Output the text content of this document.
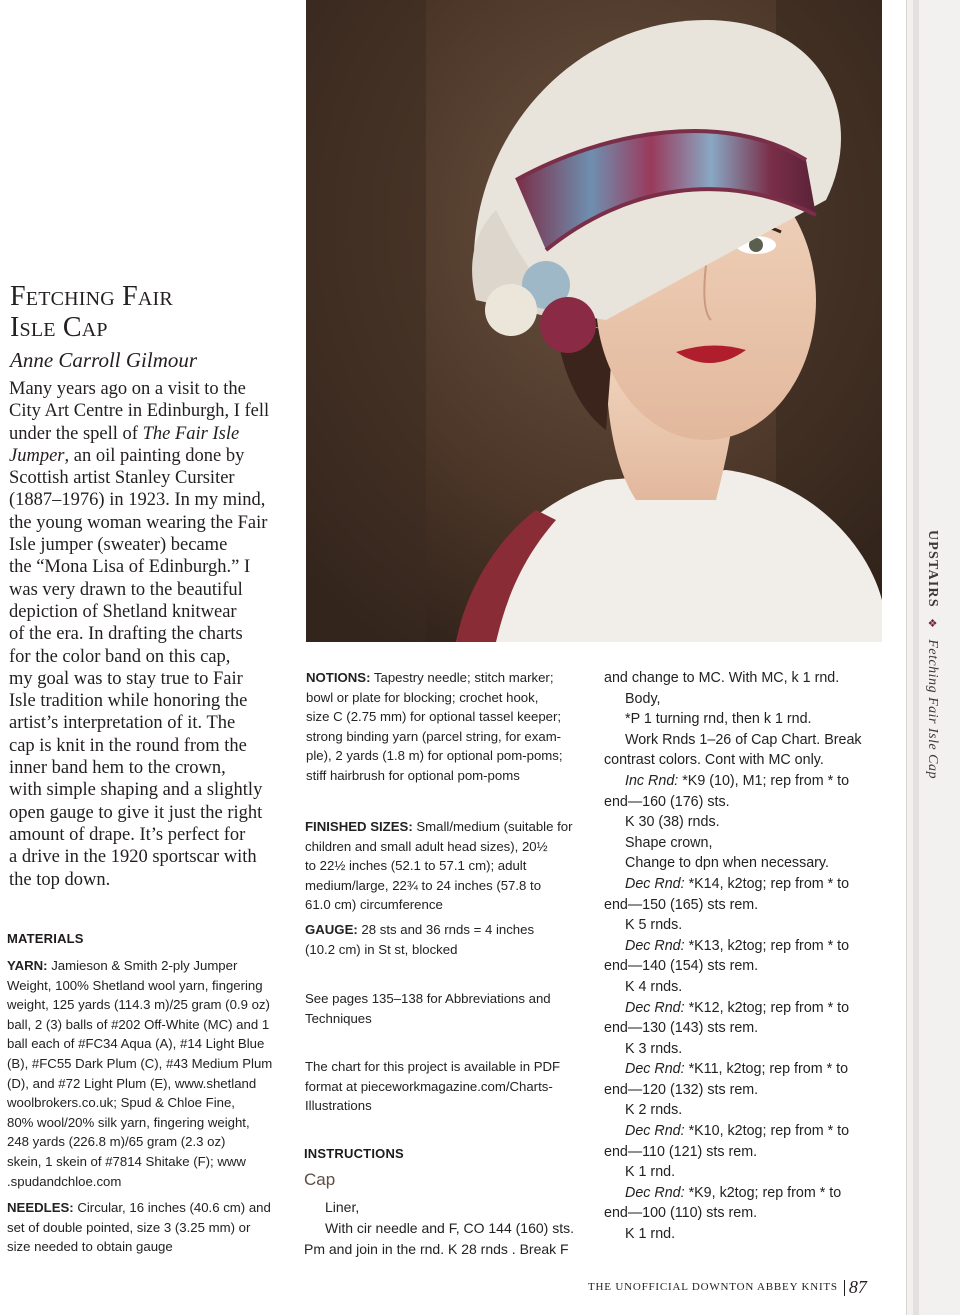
Fetching Fair
Isle Cap
Anne Carroll Gilmour
Many years ago on a visit to the
City Art Centre in Edinburgh, I fell
under the spell of The Fair Isle
Jumper, an oil painting done by
Scottish artist Stanley Cursiter
(1887–1976) in 1923. In my mind,
the young woman wearing the Fair
Isle jumper (sweater) became
the “Mona Lisa of Edinburgh.” I
was very drawn to the beautiful
depiction of Shetland knitwear
of the era. In drafting the charts
for the color band on this cap,
my goal was to stay true to Fair
Isle tradition while honoring the
artist’s interpretation of it. The
cap is knit in the round from the
inner band hem to the crown,
with simple shaping and a slightly
open gauge to give it just the right
amount of drape. It’s perfect for
a drive in the 1920 sportscar with
the top down.
MATERIALS
YARN: Jamieson & Smith 2-ply Jumper
Weight, 100% Shetland wool yarn, fingering
weight, 125 yards (114.3 m)/25 gram (0.9 oz)
ball, 2 (3) balls of #202 Off-White (MC) and 1
ball each of #FC34 Aqua (A), #14 Light Blue
(B), #FC55 Dark Plum (C), #43 Medium Plum
(D), and #72 Light Plum (E), www.shetland
woolbrokers.co.uk; Spud & Chloe Fine,
80% wool/20% silk yarn, fingering weight,
248 yards (226.8 m)/65 gram (2.3 oz)
skein, 1 skein of #7814 Shitake (F); www
.spudandchloe.com
NEEDLES: Circular, 16 inches (40.6 cm) and
set of double pointed, size 3 (3.25 mm) or
size needed to obtain gauge
NOTIONS: Tapestry needle; stitch marker;
bowl or plate for blocking; crochet hook,
size C (2.75 mm) for optional tassel keeper;
strong binding yarn (parcel string, for exam-
ple), 2 yards (1.8 m) for optional pom-poms;
stiff hairbrush for optional pom-poms
FINISHED SIZES: Small/medium (suitable for
children and small adult head sizes), 20½
to 22½ inches (52.1 to 57.1 cm); adult
medium/large, 22¾ to 24 inches (57.8 to
61.0 cm) circumference
GAUGE: 28 sts and 36 rnds = 4 inches
(10.2 cm) in St st, blocked
See pages 135–138 for Abbreviations and
Techniques
The chart for this project is available in PDF
format at pieceworkmagazine.com/Charts-
Illustrations
INSTRUCTIONS
Cap
Liner,
With cir needle and F, CO 144 (160) sts.
Pm and join in the rnd. K 28 rnds . Break F
and change to MC. With MC, k 1 rnd.
Body,
*P 1 turning rnd, then k 1 rnd.
Work Rnds 1–26 of Cap Chart. Break
contrast colors. Cont with MC only.
Inc Rnd: *K9 (10), M1; rep from * to
end—160 (176) sts.
K 30 (38) rnds.
Shape crown,
Change to dpn when necessary.
Dec Rnd: *K14, k2tog; rep from * to
end—150 (165) sts rem.
K 5 rnds.
Dec Rnd: *K13, k2tog; rep from * to
end—140 (154) sts rem.
K 4 rnds.
Dec Rnd: *K12, k2tog; rep from * to
end—130 (143) sts rem.
K 3 rnds.
Dec Rnd: *K11, k2tog; rep from * to
end—120 (132) sts rem.
K 2 rnds.
Dec Rnd: *K10, k2tog; rep from * to
end—110 (121) sts rem.
K 1 rnd.
Dec Rnd: *K9, k2tog; rep from * to
end—100 (110) sts rem.
K 1 rnd.
UPSTAIRS ❖ Fetching Fair Isle Cap
THE UNOFFICIAL DOWNTON ABBEY KNITS 87
